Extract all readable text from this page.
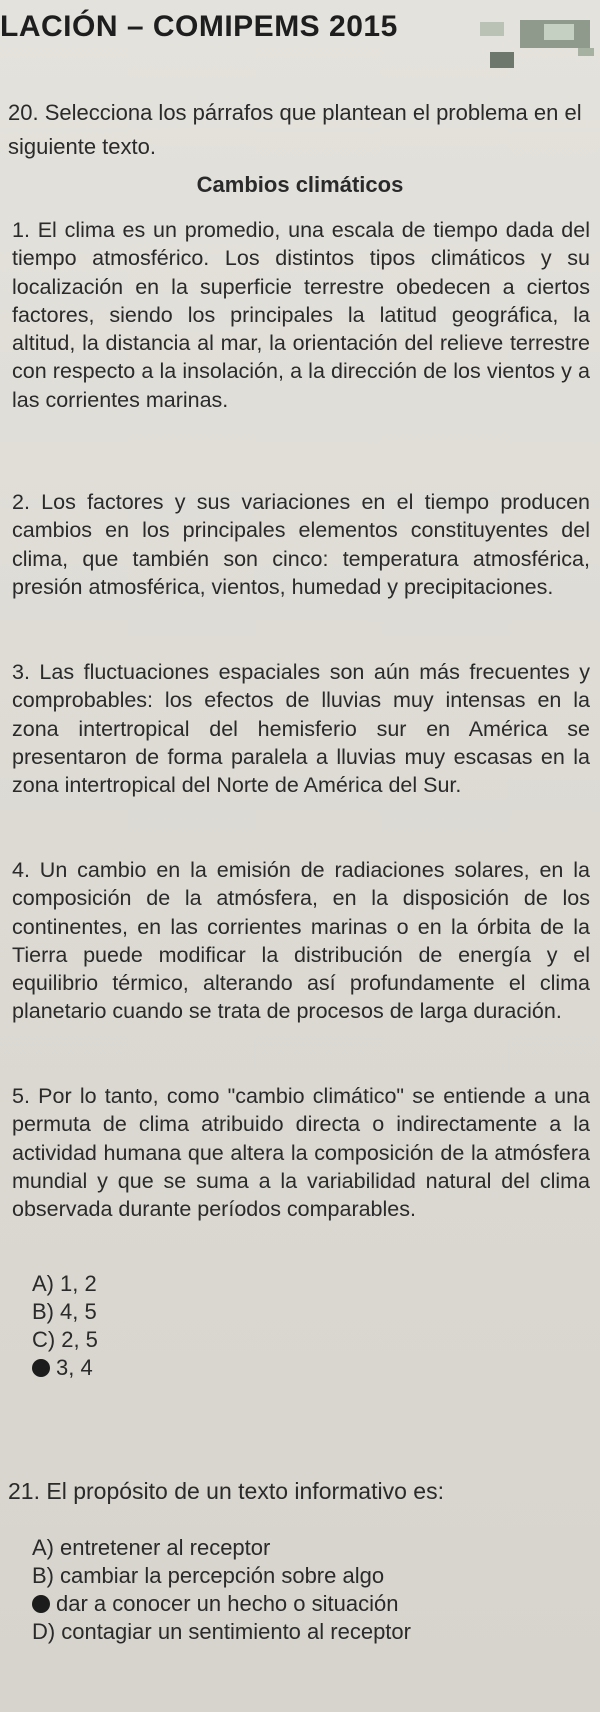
LACIÓN – COMIPEMS 2015
20. Selecciona los párrafos que plantean el problema en el siguiente texto.
Cambios climáticos
1. El clima es un promedio, una escala de tiempo dada del tiempo atmosférico. Los distintos tipos climáticos y su localización en la superficie terrestre obedecen a ciertos factores, siendo los principales la latitud geográfica, la altitud, la distancia al mar, la orientación del relieve terrestre con respecto a la insolación, a la dirección de los vientos y a las corrientes marinas.
2. Los factores y sus variaciones en el tiempo producen cambios en los principales elementos constituyentes del clima, que también son cinco: temperatura atmosférica, presión atmosférica, vientos, humedad y precipitaciones.
3. Las fluctuaciones espaciales son aún más frecuentes y comprobables: los efectos de lluvias muy intensas en la zona intertropical del hemisferio sur en América se presentaron de forma paralela a lluvias muy escasas en la zona intertropical del Norte de América del Sur.
4. Un cambio en la emisión de radiaciones solares, en la composición de la atmósfera, en la disposición de los continentes, en las corrientes marinas o en la órbita de la Tierra puede modificar la distribución de energía y el equilibrio térmico, alterando así profundamente el clima planetario cuando se trata de procesos de larga duración.
5. Por lo tanto, como "cambio climático" se entiende a una permuta de clima atribuido directa o indirectamente a la actividad humana que altera la composición de la atmósfera mundial y que se suma a la variabilidad natural del clima observada durante períodos comparables.
A) 1, 2
B) 4, 5
C) 2, 5
3, 4
21. El propósito de un texto informativo es:
A) entretener al receptor
B) cambiar la percepción sobre algo
dar a conocer un hecho o situación
D) contagiar un sentimiento al receptor
